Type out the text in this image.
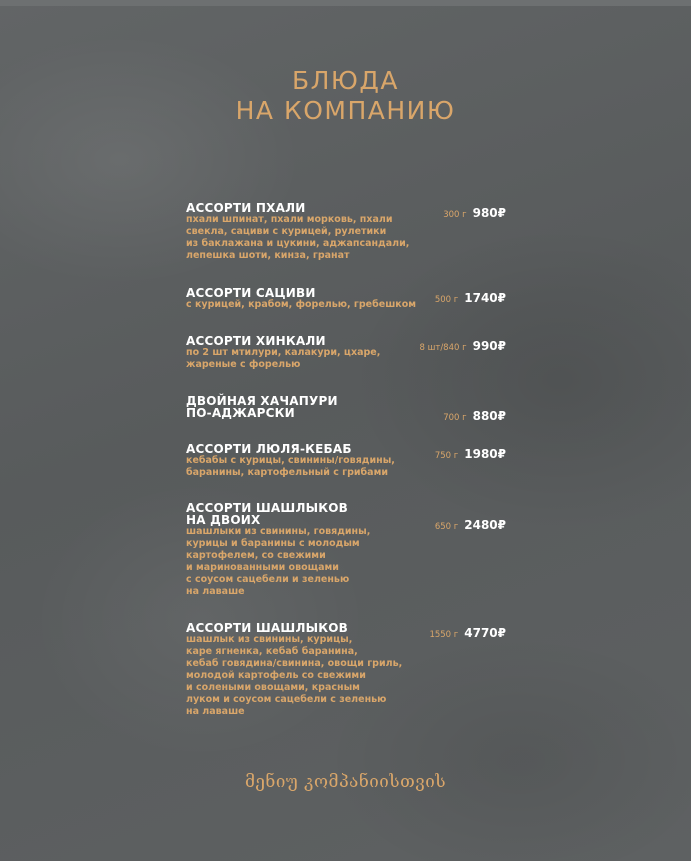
БЛЮДА
НА КОМПАНИЮ
АССОРТИ ПХАЛИ	300 г 980₽
пхали шпинат, пхали морковь, пхали
свекла, сациви с курицей, рулетики
из баклажана и цукини, аджапсандали,
лепешка шоти, кинза, гранат
АССОРТИ САЦИВИ	500 г 1740₽
с курицей, крабом, форелью, гребешком
АССОРТИ ХИНКАЛИ	8 шт/840 г 990₽
по 2 шт мтилури, калакури, цхаре,
жареные с форелью
ДВОЙНАЯ ХАЧАПУРИ
ПО-АДЖАРСКИ	700 г 880₽
АССОРТИ ЛЮЛЯ-КЕБАБ	750 г 1980₽
кебабы с курицы, свинины/говядины,
баранины, картофельный с грибами
АССОРТИ ШАШЛЫКОВ
НА ДВОИХ	650 г 2480₽
шашлыки из свинины, говядины,
курицы и баранины с молодым
картофелем, со свежими
и маринованными овощами
с соусом сацебели и зеленью
на лаваше
АССОРТИ ШАШЛЫКОВ	1550 г 4770₽
шашлык из свинины, курицы,
каре ягненка, кебаб баранина,
кебаб говядина/свинина, овощи гриль,
молодой картофель со свежими
и солеными овощами, красным
луком и соусом сацебели с зеленью
на лаваше
მენიუ კომპანიისთვის
